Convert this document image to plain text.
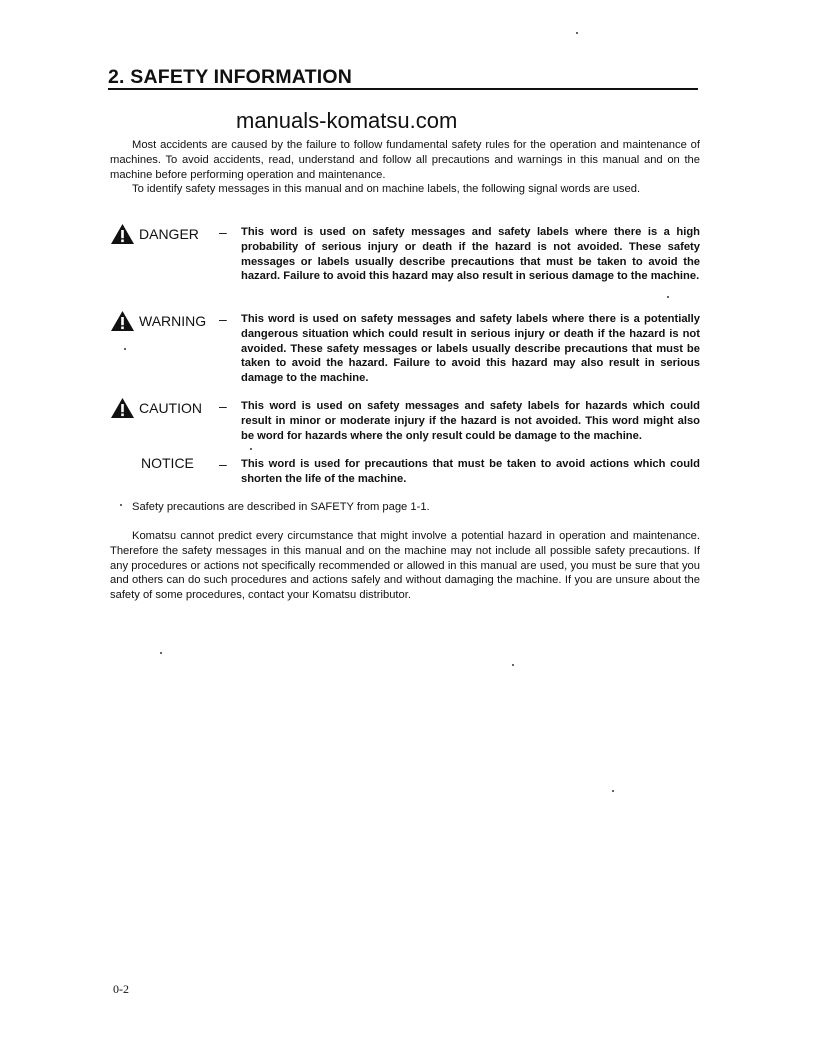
2. SAFETY INFORMATION
manuals-komatsu.com
Most accidents are caused by the failure to follow fundamental safety rules for the operation and maintenance of machines. To avoid accidents, read, understand and follow all precautions and warnings in this manual and on the machine before performing operation and maintenance.
To identify safety messages in this manual and on machine labels, the following signal words are used.
DANGER – This word is used on safety messages and safety labels where there is a high probability of serious injury or death if the hazard is not avoided. These safety messages or labels usually describe precautions that must be taken to avoid the hazard. Failure to avoid this hazard may also result in serious damage to the machine.
WARNING – This word is used on safety messages and safety labels where there is a potentially dangerous situation which could result in serious injury or death if the hazard is not avoided. These safety messages or labels usually describe precautions that must be taken to avoid the hazard. Failure to avoid this hazard may also result in serious damage to the machine.
CAUTION – This word is used on safety messages and safety labels for hazards which could result in minor or moderate injury if the hazard is not avoided. This word might also be word for hazards where the only result could be damage to the machine.
NOTICE – This word is used for precautions that must be taken to avoid actions which could shorten the life of the machine.
Safety precautions are described in SAFETY from page 1-1.
Komatsu cannot predict every circumstance that might involve a potential hazard in operation and maintenance. Therefore the safety messages in this manual and on the machine may not include all possible safety precautions. If any procedures or actions not specifically recommended or allowed in this manual are used, you must be sure that you and others can do such procedures and actions safely and without damaging the machine. If you are unsure about the safety of some procedures, contact your Komatsu distributor.
0-2
